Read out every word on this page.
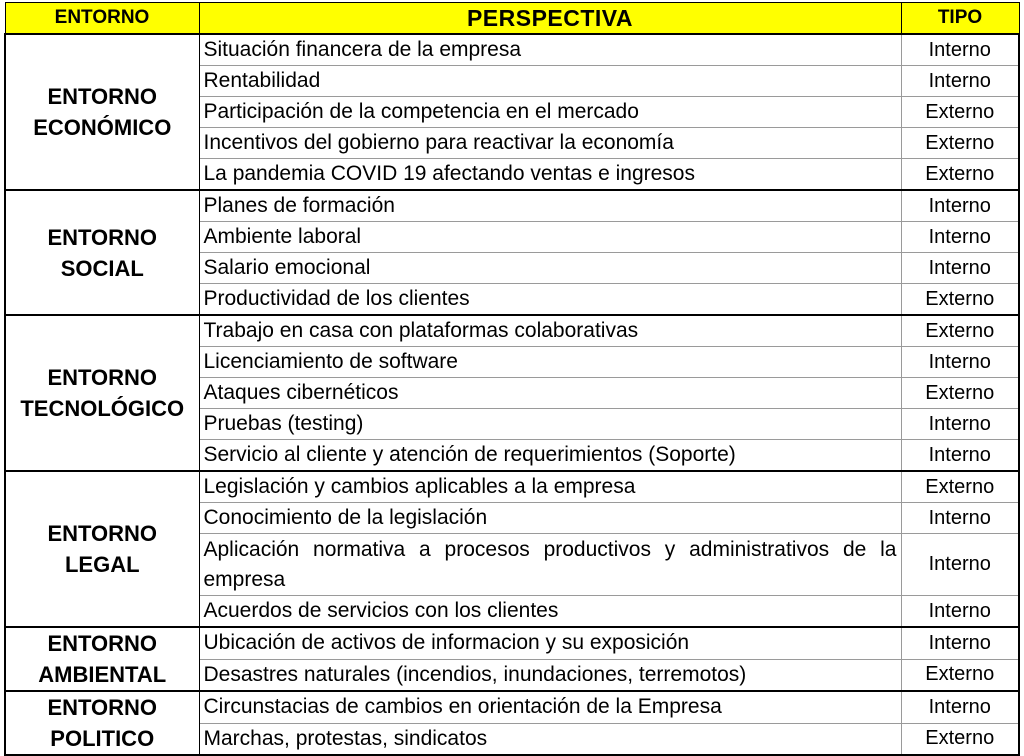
ENTORNO	PERSPECTIVA	TIPO

ENTORNO
ECONÓMICO	Situación financera de la empresa	Interno
	Rentabilidad	Interno
	Participación de la competencia en el mercado	Externo
	Incentivos del gobierno para reactivar la economía	Externo
	La pandemia COVID 19 afectando ventas e ingresos	Externo

ENTORNO
SOCIAL	Planes de formación	Interno
	Ambiente laboral	Interno
	Salario emocional	Interno
	Productividad de los clientes	Externo

ENTORNO
TECNOLÓGICO	Trabajo en casa con plataformas colaborativas	Externo
	Licenciamiento de software	Interno
	Ataques cibernéticos	Externo
	Pruebas (testing)	Interno
	Servicio al cliente y atención de requerimientos (Soporte)	Interno

ENTORNO
LEGAL	Legislación y cambios aplicables a la empresa	Externo
	Conocimiento de la legislación	Interno
	Aplicación normativa a procesos productivos y administrativos de la empresa	Interno
	Acuerdos de servicios con los clientes	Interno

ENTORNO
AMBIENTAL	Ubicación de activos de informacion y su exposición	Interno
	Desastres naturales (incendios, inundaciones, terremotos)	Externo

ENTORNO
POLITICO	Circunstacias de cambios en orientación de la Empresa	Interno
	Marchas, protestas, sindicatos	Externo
